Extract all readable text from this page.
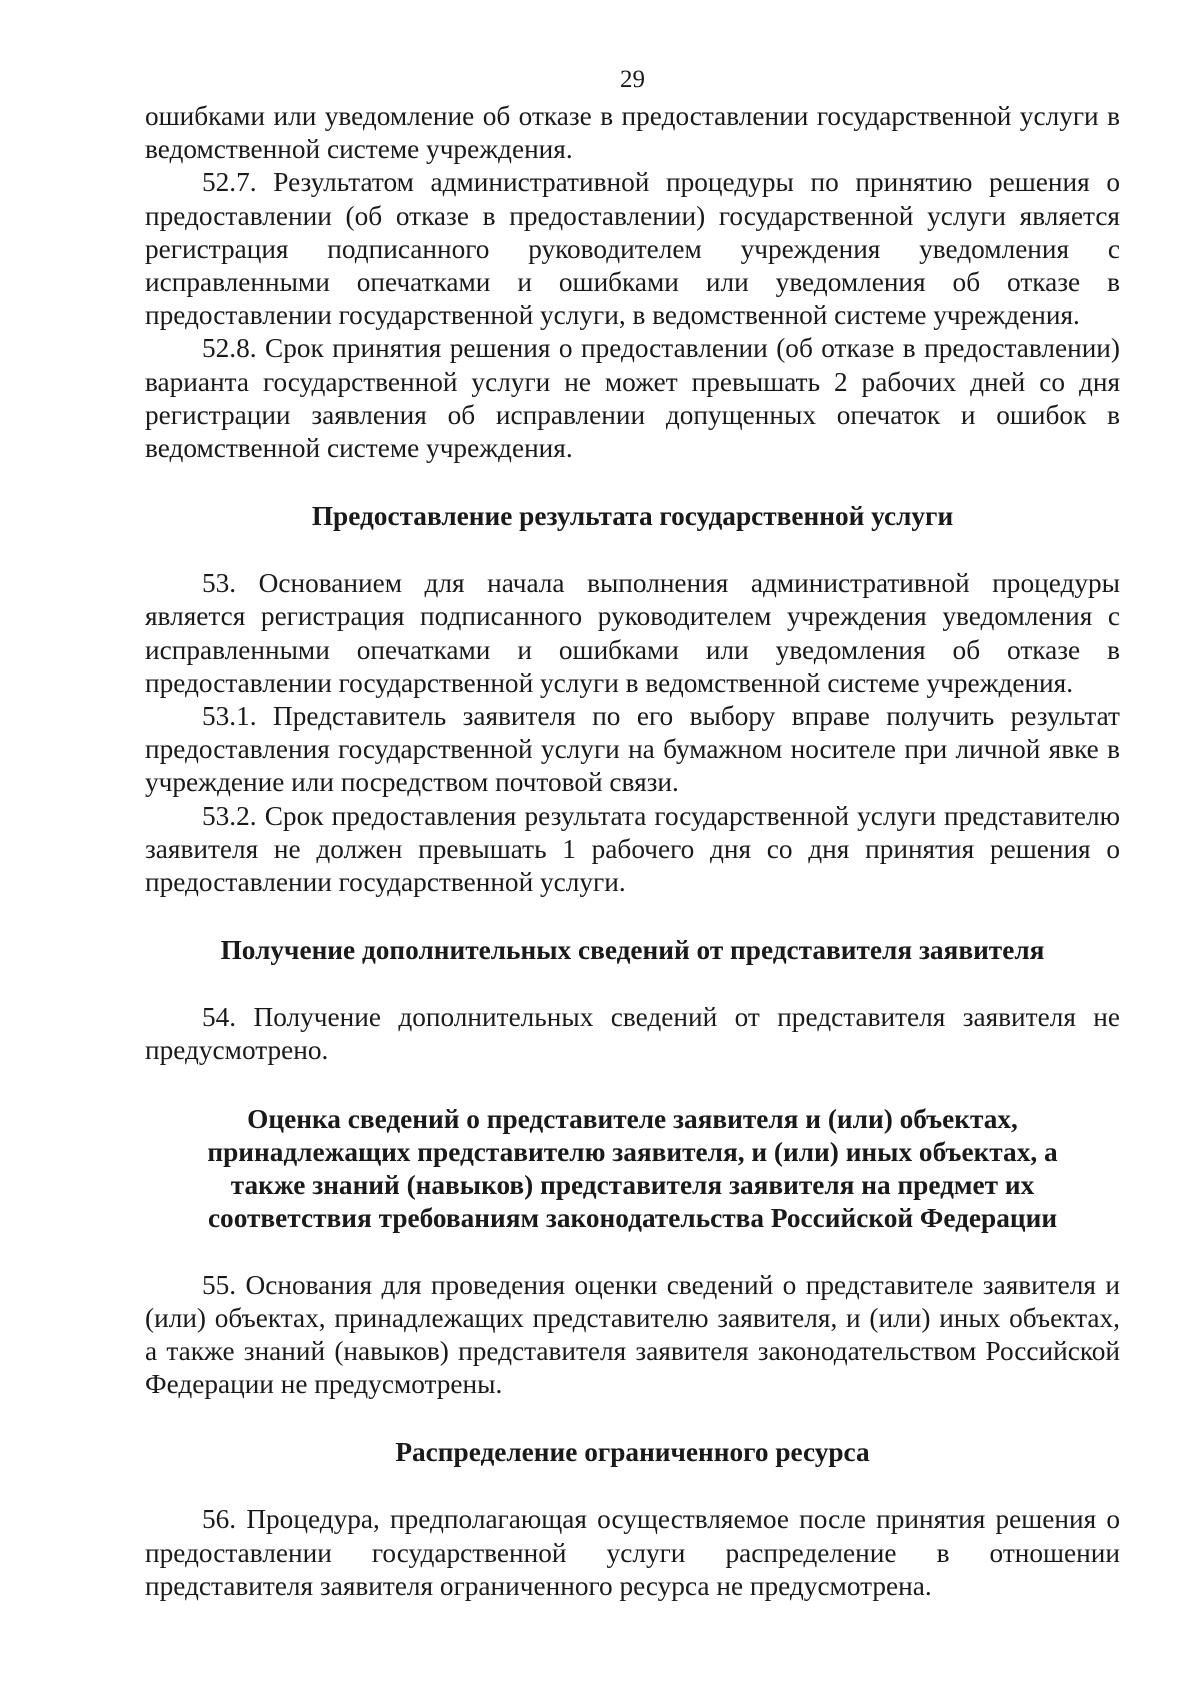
29

ошибками или уведомление об отказе в предоставлении государственной услуги в ведомственной системе учреждения.

52.7. Результатом административной процедуры по принятию решения о предоставлении (об отказе в предоставлении) государственной услуги является регистрация подписанного руководителем учреждения уведомления с исправленными опечатками и ошибками или уведомления об отказе в предоставлении государственной услуги, в ведомственной системе учреждения.

52.8. Срок принятия решения о предоставлении (об отказе в предоставлении) варианта государственной услуги не может превышать 2 рабочих дней со дня регистрации заявления об исправлении допущенных опечаток и ошибок в ведомственной системе учреждения.

Предоставление результата государственной услуги

53. Основанием для начала выполнения административной процедуры является регистрация подписанного руководителем учреждения уведомления с исправленными опечатками и ошибками или уведомления об отказе в предоставлении государственной услуги в ведомственной системе учреждения.

53.1. Представитель заявителя по его выбору вправе получить результат предоставления государственной услуги на бумажном носителе при личной явке в учреждение или посредством почтовой связи.

53.2. Срок предоставления результата государственной услуги представителю заявителя не должен превышать 1 рабочего дня со дня принятия решения о предоставлении государственной услуги.

Получение дополнительных сведений от представителя заявителя

54. Получение дополнительных сведений от представителя заявителя не предусмотрено.

Оценка сведений о представителе заявителя и (или) объектах, принадлежащих представителю заявителя, и (или) иных объектах, а также знаний (навыков) представителя заявителя на предмет их соответствия требованиям законодательства Российской Федерации

55. Основания для проведения оценки сведений о представителе заявителя и (или) объектах, принадлежащих представителю заявителя, и (или) иных объектах, а также знаний (навыков) представителя заявителя законодательством Российской Федерации не предусмотрены.

Распределение ограниченного ресурса

56. Процедура, предполагающая осуществляемое после принятия решения о предоставлении государственной услуги распределение в отношении представителя заявителя ограниченного ресурса не предусмотрена.
